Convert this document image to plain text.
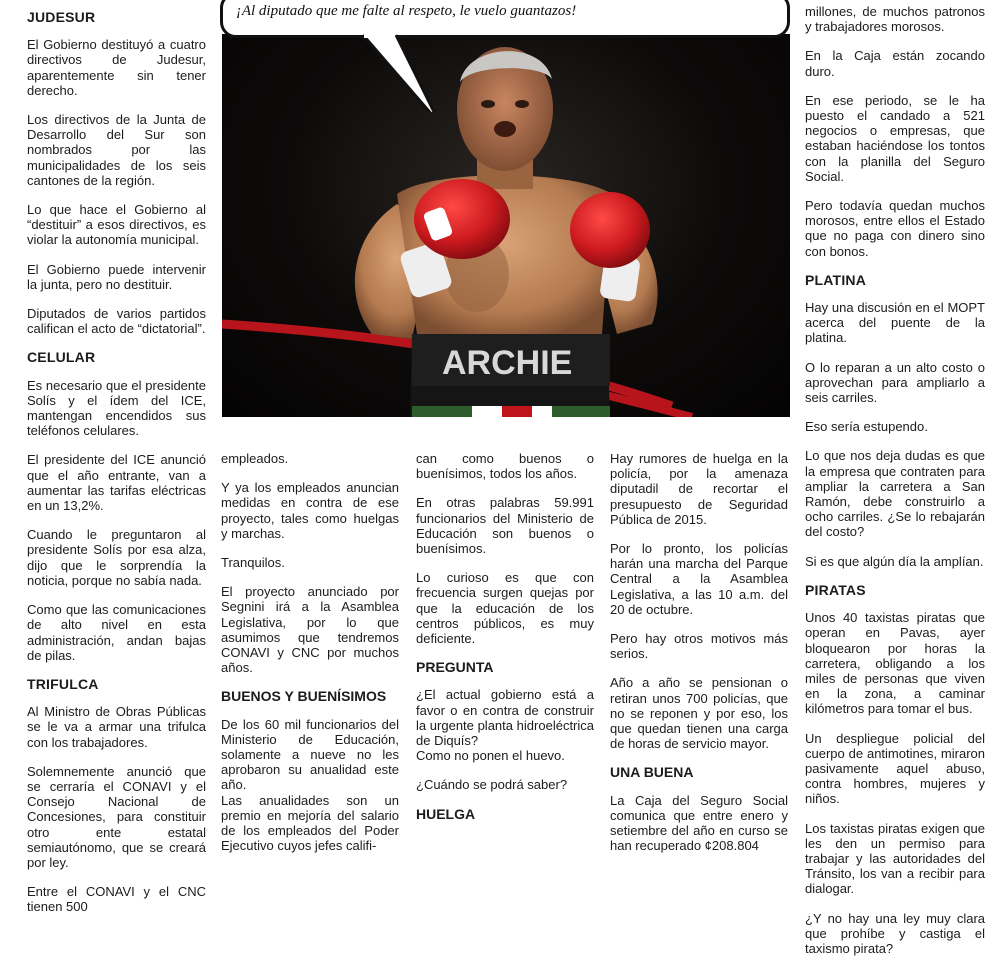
JUDESUR

El Gobierno destituyó a cuatro directivos de Judesur, aparentemente sin tener derecho.

Los directivos de la Junta de Desarrollo del Sur son nombrados por las municipalidades de los seis cantones de la región.

Lo que hace el Gobierno al “destituir” a esos directivos, es violar la autonomía municipal.

El Gobierno puede intervenir la junta, pero no destituir.

Diputados de varios partidos califican el acto de “dictatorial”.

CELULAR

Es necesario que el presidente Solís y el ídem del ICE, mantengan encendidos sus teléfonos celulares.

El presidente del ICE anunció que el año entrante, van a aumentar las tarifas eléctricas en un 13,2%.

Cuando le preguntaron al presidente Solís por esa alza, dijo que le sorprendía la noticia, porque no sabía nada.

Como que las comunicaciones de alto nivel en esta administración, andan bajas de pilas.

TRIFULCA

Al Ministro de Obras Públicas se le va a armar una trifulca con los trabajadores.

Solemnemente anunció que se cerraría el CONAVI y el Consejo Nacional de Concesiones, para constituir otro ente estatal semiautónomo, que se creará por ley.

Entre el CONAVI y el CNC tienen 500

ARCHIE
¡Al diputado que me falte al respeto, le vuelo guantazos!

empleados.

Y ya los empleados anuncian medidas en contra de ese proyecto, tales como huelgas y marchas.

Tranquilos.

El proyecto anunciado por Segnini irá a la Asamblea Legislativa, por lo que asumimos que tendremos CONAVI y CNC por muchos años.

BUENOS Y BUENÍSIMOS

De los 60 mil funcionarios del Ministerio de Educación, solamente a nueve no les aprobaron su anualidad este año.

Las anualidades son un premio en mejoría del salario de los empleados del Poder Ejecutivo cuyos jefes califi-

can como buenos o buenísimos, todos los años.

En otras palabras 59.991 funcionarios del Ministerio de Educación son buenos o buenísimos.

Lo curioso es que con frecuencia surgen quejas por que la educación de los centros públicos, es muy deficiente.

PREGUNTA

¿El actual gobierno está a favor o en contra de construir la urgente planta hidroeléctrica de Diquís?

Como no ponen el huevo.

¿Cuándo se podrá saber?

HUELGA

Hay rumores de huelga en la policía, por la amenaza diputadil de recortar el presupuesto de Seguridad Pública de 2015.

Por lo pronto, los policías harán una marcha del Parque Central a la Asamblea Legislativa, a las 10 a.m. del 20 de octubre.

Pero hay otros motivos más serios.

Año a año se pensionan o retiran unos 700 policías, que no se reponen y por eso, los que quedan tienen una carga de horas de servicio mayor.

UNA BUENA

La Caja del Seguro Social comunica que entre enero y setiembre del año en curso se han recuperado ¢208.804

millones, de muchos patronos y trabajadores morosos.

En la Caja están zocando duro.

En ese periodo, se le ha puesto el candado a 521 negocios o empresas, que estaban haciéndose los tontos con la planilla del Seguro Social.

Pero todavía quedan muchos morosos, entre ellos el Estado que no paga con dinero sino con bonos.

PLATINA

Hay una discusión en el MOPT acerca del puente de la platina.

O lo reparan a un alto costo o aprovechan para ampliarlo a seis carriles.

Eso sería estupendo.

Lo que nos deja dudas es que la empresa que contraten para ampliar la carretera a San Ramón, debe construirlo a ocho carriles. ¿Se lo rebajarán del costo?

Si es que algún día la amplían.

PIRATAS

Unos 40 taxistas piratas que operan en Pavas, ayer bloquearon por horas la carretera, obligando a los miles de personas que viven en la zona, a caminar kilómetros para tomar el bus.

Un despliegue policial del cuerpo de antimotines, miraron pasivamente aquel abuso, contra hombres, mujeres y niños.

Los taxistas piratas exigen que les den un permiso para trabajar y las autoridades del Tránsito, los van a recibir para dialogar.

¿Y no hay una ley muy clara que prohíbe y castiga el taxismo pirata?
